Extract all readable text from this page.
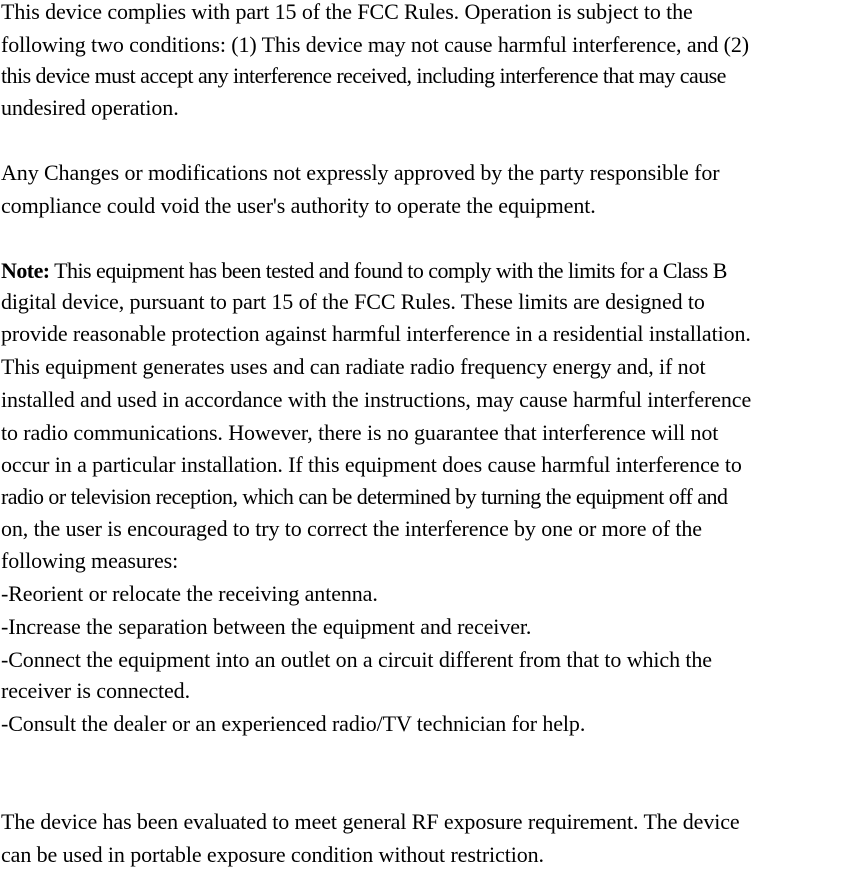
This device complies with part 15 of the FCC Rules. Operation is subject to the
following two conditions: (1) This device may not cause harmful interference, and (2)
this device must accept any interference received, including interference that may cause
undesired operation.
Any Changes or modifications not expressly approved by the party responsible for
compliance could void the user's authority to operate the equipment.
Note: This equipment has been tested and found to comply with the limits for a Class B
digital device, pursuant to part 15 of the FCC Rules. These limits are designed to
provide reasonable protection against harmful interference in a residential installation.
This equipment generates uses and can radiate radio frequency energy and, if not
installed and used in accordance with the instructions, may cause harmful interference
to radio communications. However, there is no guarantee that interference will not
occur in a particular installation. If this equipment does cause harmful interference to
radio or television reception, which can be determined by turning the equipment off and
on, the user is encouraged to try to correct the interference by one or more of the
following measures:
-Reorient or relocate the receiving antenna.
-Increase the separation between the equipment and receiver.
-Connect the equipment into an outlet on a circuit different from that to which the
receiver is connected.
-Consult the dealer or an experienced radio/TV technician for help.
The device has been evaluated to meet general RF exposure requirement. The device
can be used in portable exposure condition without restriction.
